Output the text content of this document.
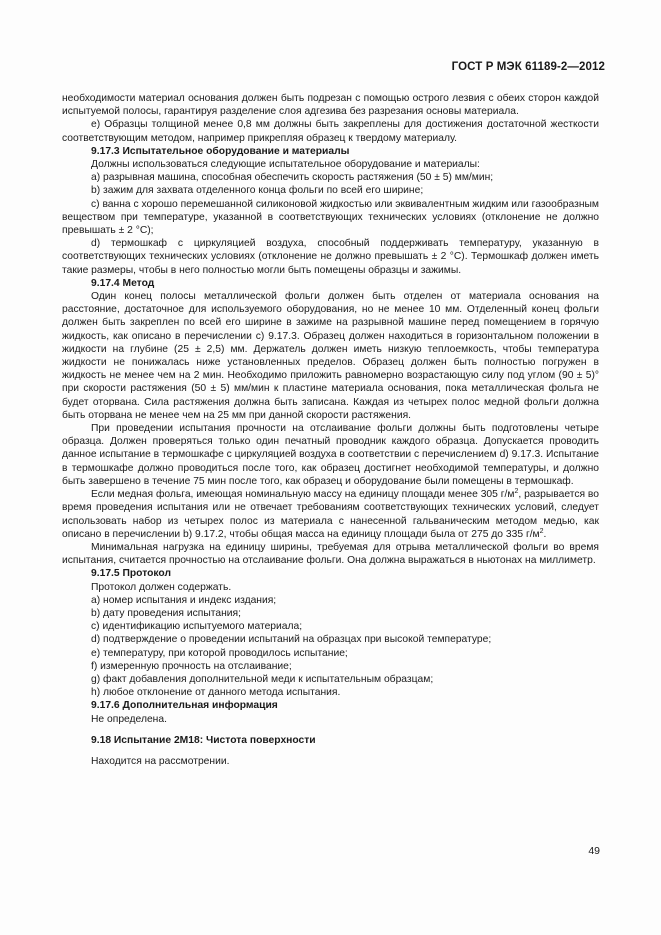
ГОСТ Р МЭК 61189-2—2012

необходимости материал основания должен быть подрезан с помощью острого лезвия с обеих сторон каждой испытуемой полосы, гарантируя разделение слоя адгезива без разрезания основы материала.

е) Образцы толщиной менее 0,8 мм должны быть закреплены для достижения достаточной жесткости соответствующим методом, например прикрепляя образец к твердому материалу.

9.17.3 Испытательное оборудование и материалы

Должны использоваться следующие испытательное оборудование и материалы:

а) разрывная машина, способная обеспечить скорость растяжения (50 ± 5) мм/мин;

b) зажим для захвата отделенного конца фольги по всей его ширине;

с) ванна с хорошо перемешанной силиконовой жидкостью или эквивалентным жидким или газообразным веществом при температуре, указанной в соответствующих технических условиях (отклонение не должно превышать ± 2 °С);

d) термошкаф с циркуляцией воздуха, способный поддерживать температуру, указанную в соответствующих технических условиях (отклонение не должно превышать ± 2 °С). Термошкаф должен иметь такие размеры, чтобы в него полностью могли быть помещены образцы и зажимы.

9.17.4 Метод

Один конец полосы металлической фольги должен быть отделен от материала основания на расстояние, достаточное для используемого оборудования, но не менее 10 мм. Отделенный конец фольги должен быть закреплен по всей его ширине в зажиме на разрывной машине перед помещением в горячую жидкость, как описано в перечислении с) 9.17.3. Образец должен находиться в горизонтальном положении в жидкости на глубине (25 ± 2,5) мм. Держатель должен иметь низкую теплоемкость, чтобы температура жидкости не понижалась ниже установленных пределов. Образец должен быть полностью погружен в жидкость не менее чем на 2 мин. Необходимо приложить равномерно возрастающую силу под углом (90 ± 5)° при скорости растяжения (50 ± 5) мм/мин к пластине материала основания, пока металлическая фольга не будет оторвана. Сила растяжения должна быть записана. Каждая из четырех полос медной фольги должна быть оторвана не менее чем на 25 мм при данной скорости растяжения.

При проведении испытания прочности на отслаивание фольги должны быть подготовлены четыре образца. Должен проверяться только один печатный проводник каждого образца. Допускается проводить данное испытание в термошкафе с циркуляцией воздуха в соответствии с перечислением d) 9.17.3. Испытание в термошкафе должно проводиться после того, как образец достигнет необходимой температуры, и должно быть завершено в течение 75 мин после того, как образец и оборудование были помещены в термошкаф.

Если медная фольга, имеющая номинальную массу на единицу площади менее 305 $г/м^2$, разрывается во время проведения испытания или не отвечает требованиям соответствующих технических условий, следует использовать набор из четырех полос из материала с нанесенной гальваническим методом медью, как описано в перечислении b) 9.17.2, чтобы общая масса на единицу площади была от 275 до 335 $г/м^2$.

Минимальная нагрузка на единицу ширины, требуемая для отрыва металлической фольги во время испытания, считается прочностью на отслаивание фольги. Она должна выражаться в ньютонах на миллиметр.

9.17.5 Протокол

Протокол должен содержать.

а) номер испытания и индекс издания;

b) дату проведения испытания;

с) идентификацию испытуемого материала;

d) подтверждение о проведении испытаний на образцах при высокой температуре;

е) температуру, при которой проводилось испытание;

f) измеренную прочность на отслаивание;

g) факт добавления дополнительной меди к испытательным образцам;

h) любое отклонение от данного метода испытания.

9.17.6 Дополнительная информация

Не определена.

9.18 Испытание 2М18: Чистота поверхности

Находится на рассмотрении.

49
